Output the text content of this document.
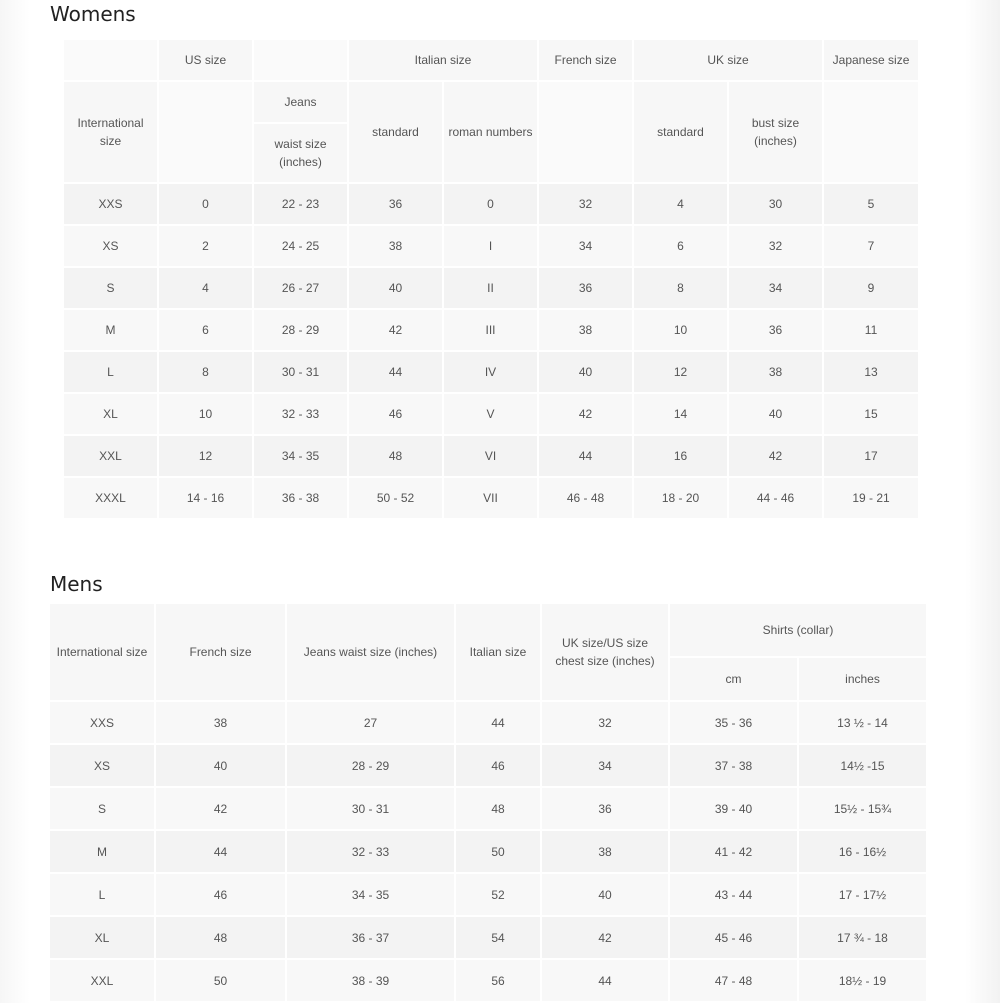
Womens
	US size		Italian size		French size	UK size		Japanese size
International size		Jeans	standard	roman numbers		standard	bust size (inches)	
		waist size (inches)						
XXS	0	22 - 23	36	0	32	4	30	5
XS	2	24 - 25	38	I	34	6	32	7
S	4	26 - 27	40	II	36	8	34	9
M	6	28 - 29	42	III	38	10	36	11
L	8	30 - 31	44	IV	40	12	38	13
XL	10	32 - 33	46	V	42	14	40	15
XXL	12	34 - 35	48	VI	44	16	42	17
XXXL	14 - 16	36 - 38	50 - 52	VII	46 - 48	18 - 20	44 - 46	19 - 21
Mens
International size	French size	Jeans waist size (inches)	Italian size	UK size/US size chest size (inches)	Shirts (collar)	
					cm	inches
XXS	38	27	44	32	35 - 36	13 ½ - 14
XS	40	28 - 29	46	34	37 - 38	14½ -15
S	42	30 - 31	48	36	39 - 40	15½ - 15¾
M	44	32 - 33	50	38	41 - 42	16 - 16½
L	46	34 - 35	52	40	43 - 44	17 - 17½
XL	48	36 - 37	54	42	45 - 46	17 ¾ - 18
XXL	50	38 - 39	56	44	47 - 48	18½ - 19
